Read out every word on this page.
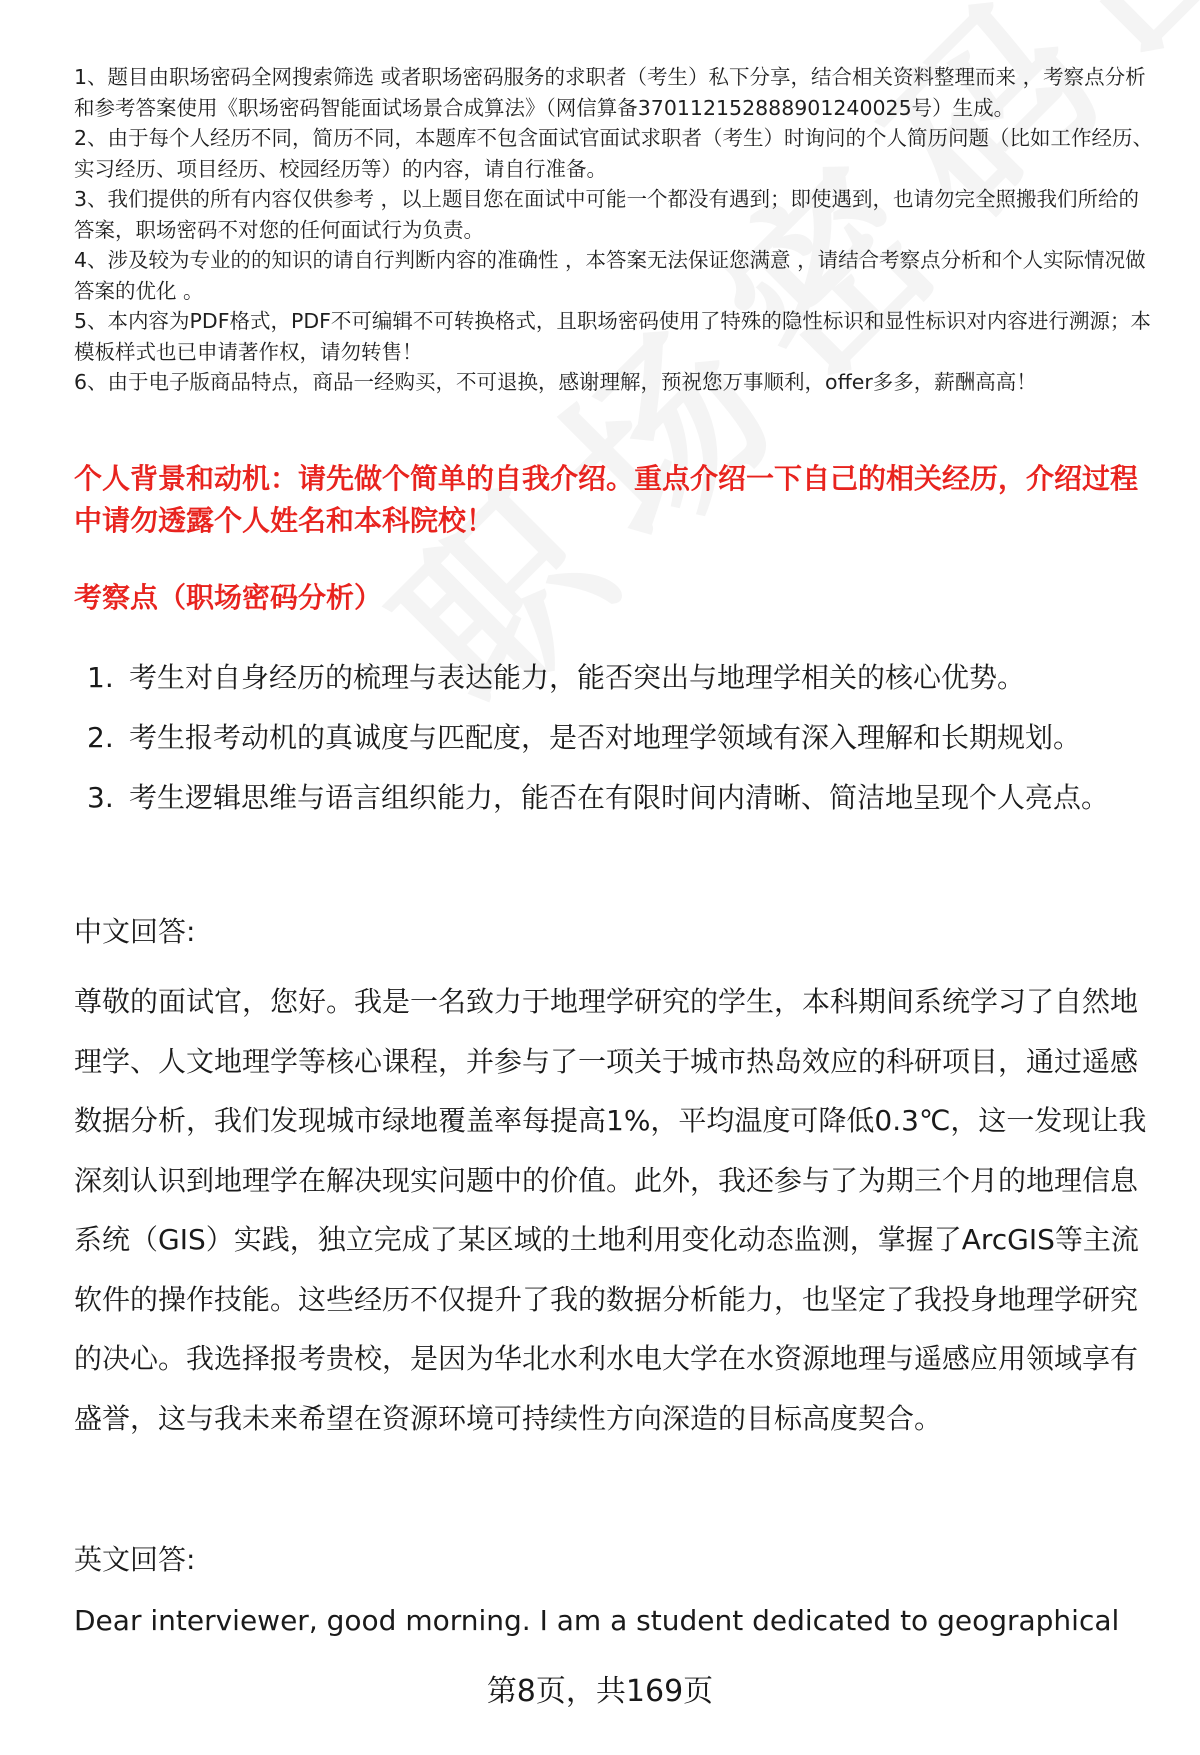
1、题目由职场密码全网搜索筛选 或者职场密码服务的求职者（考生）私下分享，结合相关资料整理而来 ，考察点分析和参考答案使用《职场密码智能面试场景合成算法》（网信算备370112152888901240025号）生成。

2、由于每个人经历不同，简历不同，本题库不包含面试官面试求职者（考生）时询问的个人简历问题（比如工作经历、实习经历、项目经历、校园经历等）的内容，请自行准备。

3、我们提供的所有内容仅供参考 ，以上题目您在面试中可能一个都没有遇到；即使遇到，也请勿完全照搬我们所给的答案，职场密码不对您的任何面试行为负责。

4、涉及较为专业的的知识的请自行判断内容的准确性 ，本答案无法保证您满意 ，请结合考察点分析和个人实际情况做答案的优化 。

5、本内容为PDF格式，PDF不可编辑不可转换格式，且职场密码使用了特殊的隐性标识和显性标识对内容进行溯源；本模板样式也已申请著作权，请勿转售！

6、由于电子版商品特点，商品一经购买，不可退换，感谢理解，预祝您万事顺利，offer多多，薪酬高高！

个人背景和动机：请先做个简单的自我介绍。重点介绍一下自己的相关经历，介绍过程中请勿透露个人姓名和本科院校！

考察点（职场密码分析）

1. 考生对自身经历的梳理与表达能力，能否突出与地理学相关的核心优势。
2. 考生报考动机的真诚度与匹配度，是否对地理学领域有深入理解和长期规划。
3. 考生逻辑思维与语言组织能力，能否在有限时间内清晰、简洁地呈现个人亮点。

中文回答:

尊敬的面试官，您好。我是一名致力于地理学研究的学生，本科期间系统学习了自然地理学、人文地理学等核心课程，并参与了一项关于城市热岛效应的科研项目，通过遥感数据分析，我们发现城市绿地覆盖率每提高1%，平均温度可降低0.3℃，这一发现让我深刻认识到地理学在解决现实问题中的价值。此外，我还参与了为期三个月的地理信息系统（GIS）实践，独立完成了某区域的土地利用变化动态监测，掌握了ArcGIS等主流软件的操作技能。这些经历不仅提升了我的数据分析能力，也坚定了我投身地理学研究的决心。我选择报考贵校，是因为华北水利水电大学在水资源地理与遥感应用领域享有盛誉，这与我未来希望在资源环境可持续性方向深造的目标高度契合。

英文回答:

Dear interviewer, good morning. I am a student dedicated to geographical

第8页，共169页
